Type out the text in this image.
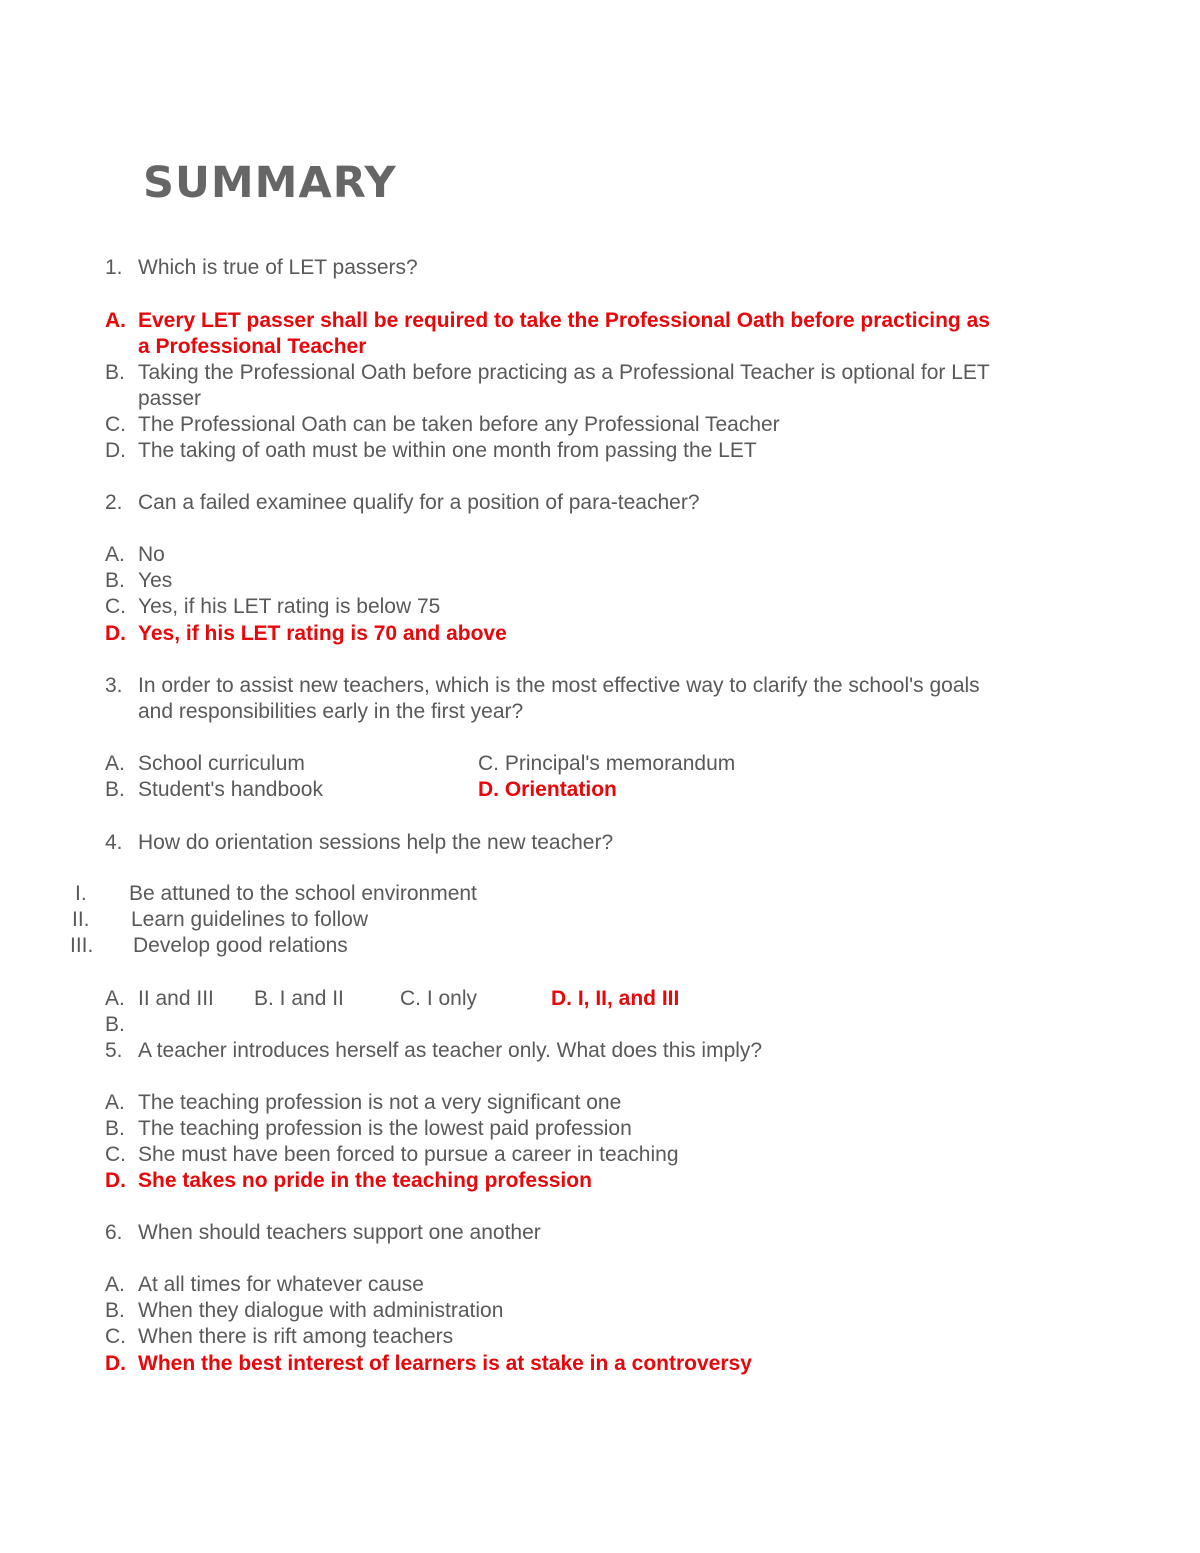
SUMMARY
1. Which is true of LET passers?
A. Every LET passer shall be required to take the Professional Oath before practicing as
a Professional Teacher
B. Taking the Professional Oath before practicing as a Professional Teacher is optional for LET
passer
C. The Professional Oath can be taken before any Professional Teacher
D. The taking of oath must be within one month from passing the LET
2. Can a failed examinee qualify for a position of para-teacher?
A. No
B. Yes
C. Yes, if his LET rating is below 75
D. Yes, if his LET rating is 70 and above
3. In order to assist new teachers, which is the most effective way to clarify the school's goals
and responsibilities early in the first year?
A. School curriculum	C. Principal's memorandum
B. Student's handbook	D. Orientation
4. How do orientation sessions help the new teacher?
I. Be attuned to the school environment
II. Learn guidelines to follow
III. Develop good relations
A. II and III B. I and II	C. I only	D. I, II, and III
B.
5. A teacher introduces herself as teacher only. What does this imply?
A. The teaching profession is not a very significant one
B. The teaching profession is the lowest paid profession
C. She must have been forced to pursue a career in teaching
D. She takes no pride in the teaching profession
6. When should teachers support one another
A. At all times for whatever cause
B. When they dialogue with administration
C. When there is rift among teachers
D. When the best interest of learners is at stake in a controversy
